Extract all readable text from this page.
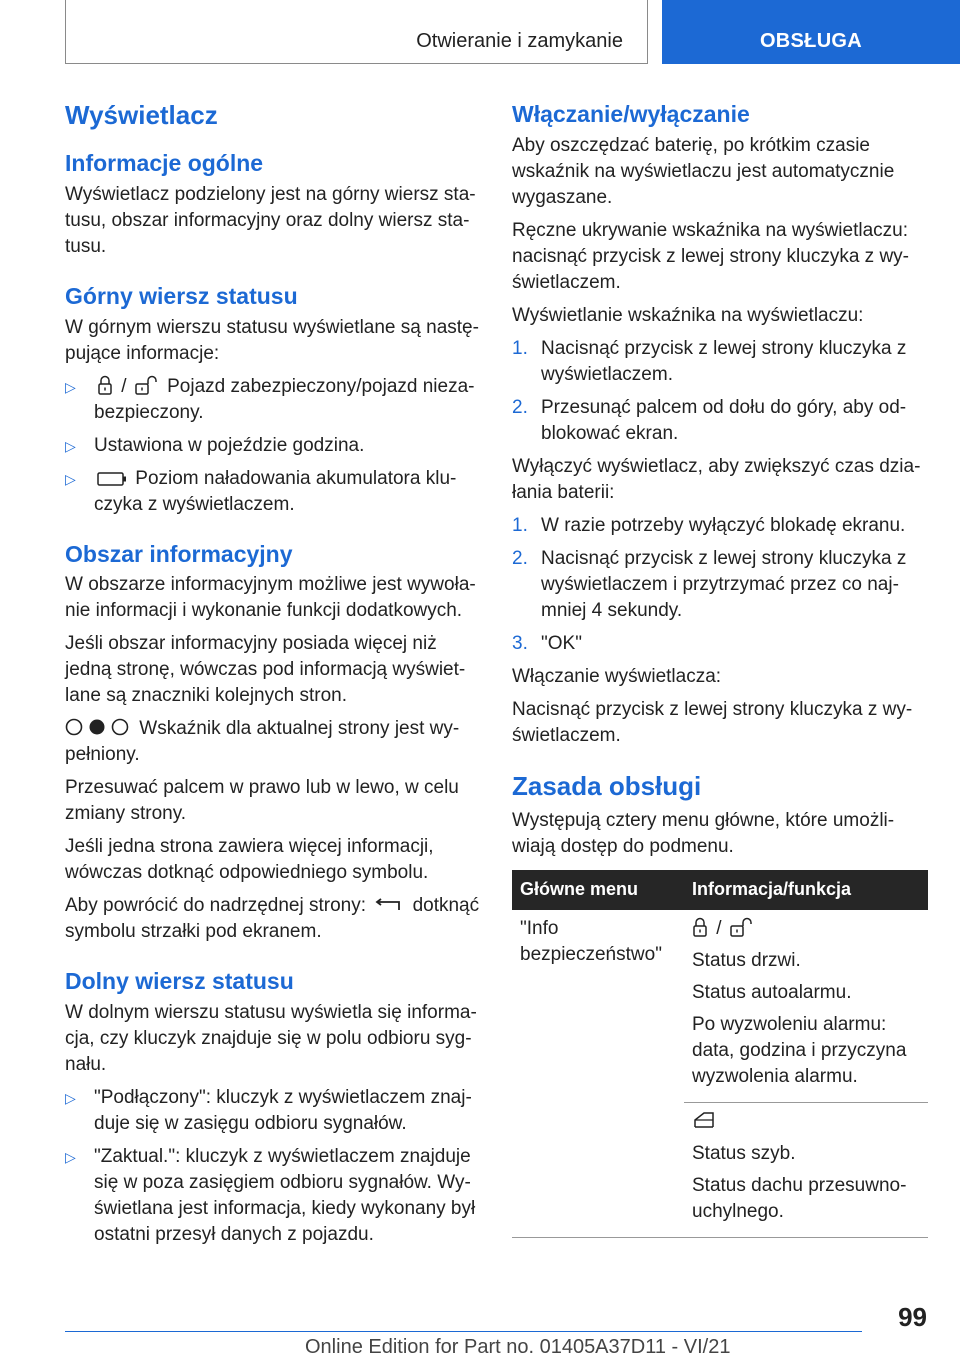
Otwieranie i zamykanie	OBSŁUGA
Wyświetlacz
Informacje ogólne

Wyświetlacz podzielony jest na górny wiersz statusu, obszar informacyjny oraz dolny wiersz statusu.

Górny wiersz statusu

W górnym wierszu statusu wyświetlane są następujące informacje:

▷ / Pojazd zabezpieczony/pojazd niezabezpieczony.
▷ Ustawiona w pojeździe godzina.
▷	Poziom naładowania akumulatora kluczyka z wyświetlaczem.
Obszar informacyjny

W obszarze informacyjnym możliwe jest wywołanie informacji i wykonanie funkcji dodatkowych.

Jeśli obszar informacyjny posiada więcej niż jedną stronę, wówczas pod informacją wyświetlane są znaczniki kolejnych stron.

Wskaźnik dla aktualnej strony jest wypełniony.

Przesuwać palcem w prawo lub w lewo, w celu zmiany strony.

Jeśli jedna strona zawiera więcej informacji, wówczas dotknąć odpowiedniego symbolu.

Aby powrócić do nadrzędnej strony: dotknąć symbolu strzałki pod ekranem.

Dolny wiersz statusu

W dolnym wierszu statusu wyświetla się informacja, czy kluczyk znajduje się w polu odbioru sygnału.

▷ "Podłączony": kluczyk z wyświetlaczem znajduje się w zasięgu odbioru sygnałów.
▷ "Zaktual.": kluczyk z wyświetlaczem znajduje się w poza zasięgiem odbioru sygnałów. Wyświetlana jest informacja, kiedy wykonany był ostatni przesył danych z pojazdu.
Włączanie/wyłączanie

Aby oszczędzać baterię, po krótkim czasie wskaźnik na wyświetlaczu jest automatycznie wygaszane.

Ręczne ukrywanie wskaźnika na wyświetlaczu: nacisnąć przycisk z lewej strony kluczyka z wyświetlaczem.

Wyświetlanie wskaźnika na wyświetlaczu:

1. Nacisnąć przycisk z lewej strony kluczyka z wyświetlaczem.
2. Przesunąć palcem od dołu do góry, aby odblokować ekran.

Wyłączyć wyświetlacz, aby zwiększyć czas działania baterii:

1. W razie potrzeby wyłączyć blokadę ekranu.
2. Nacisnąć przycisk z lewej strony kluczyka z wyświetlaczem i przytrzymać przez co najmniej 4 sekundy.
3. "OK"

Włączanie wyświetlacza:

Nacisnąć przycisk z lewej strony kluczyka z wyświetlaczem.

Zasada obsługi

Występują cztery menu główne, które umożliwiają dostęp do podmenu.

Główne menu	Informacja/funkcja
"Info bezpieczeństwo"	/

Status drzwi.

Status autoalarmu.

Po wyzwoleniu alarmu: data, godzina i przyczyna wyzwolenia alarmu.

	Status szyb.

Status dachu przesuwnouchylnego.

99
Online Edition for Part no. 01405A37D11 - VI/21
